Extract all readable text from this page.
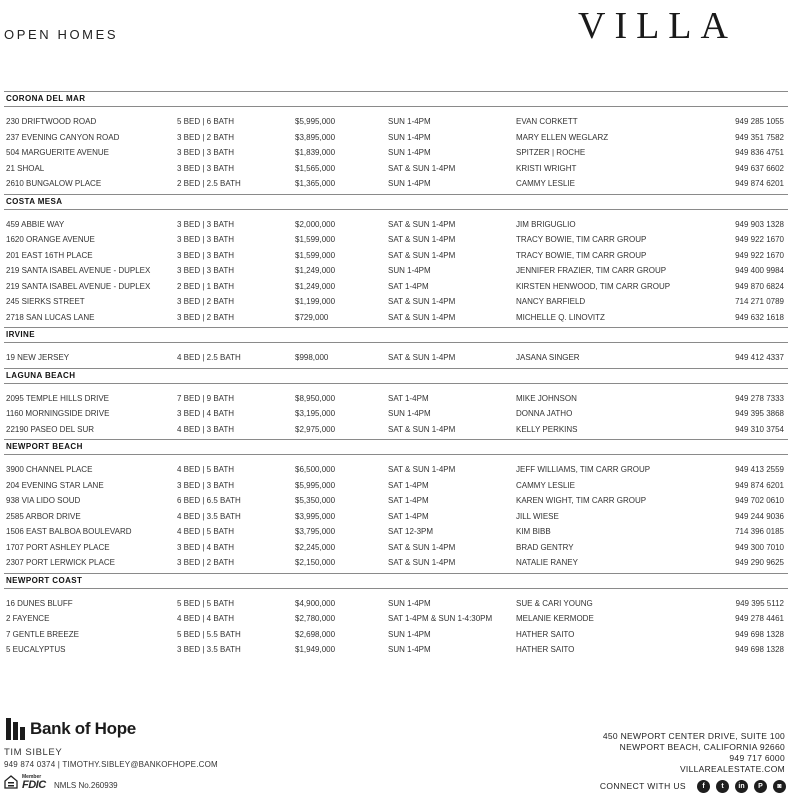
OPEN HOMES	VILLA
CORONA DEL MAR
230 DRIFTWOOD ROAD	5 BED | 6 BATH	$5,995,000	SUN 1-4PM	EVAN CORKETT	949 285 1055
237 EVENING CANYON ROAD	3 BED | 2 BATH	$3,895,000	SUN 1-4PM	MARY ELLEN WEGLARZ	949 351 7582
504 MARGUERITE AVENUE	3 BED | 3 BATH	$1,839,000	SUN 1-4PM	SPITZER | ROCHE	949 836 4751
21 SHOAL	3 BED | 3 BATH	$1,565,000	SAT & SUN 1-4PM	KRISTI WRIGHT	949 637 6602
2610 BUNGALOW PLACE	2 BED | 2.5 BATH	$1,365,000	SUN 1-4PM	CAMMY LESLIE	949 874 6201
COSTA MESA
459 ABBIE WAY	3 BED | 3 BATH	$2,000,000	SAT & SUN 1-4PM	JIM BRIGUGLIO	949 903 1328
1620 ORANGE AVENUE	3 BED | 3 BATH	$1,599,000	SAT & SUN 1-4PM	TRACY BOWIE, TIM CARR GROUP	949 922 1670
201 EAST 16TH PLACE	3 BED | 3 BATH	$1,599,000	SAT & SUN 1-4PM	TRACY BOWIE, TIM CARR GROUP	949 922 1670
219 SANTA ISABEL AVENUE - DUPLEX	3 BED | 3 BATH	$1,249,000	SUN 1-4PM	JENNIFER FRAZIER, TIM CARR GROUP	949 400 9984
219 SANTA ISABEL AVENUE - DUPLEX	2 BED | 1 BATH	$1,249,000	SAT 1-4PM	KIRSTEN HENWOOD, TIM CARR GROUP	949 870 6824
245 SIERKS STREET	3 BED | 2 BATH	$1,199,000	SAT & SUN 1-4PM	NANCY BARFIELD	714 271 0789
2718 SAN LUCAS LANE	3 BED | 2 BATH	$729,000	SAT & SUN 1-4PM	MICHELLE Q. LINOVITZ	949 632 1618
IRVINE
19 NEW JERSEY	4 BED | 2.5 BATH	$998,000	SAT & SUN 1-4PM	JASANA SINGER	949 412 4337
LAGUNA BEACH
2095 TEMPLE HILLS DRIVE	7 BED | 9 BATH	$8,950,000	SAT 1-4PM	MIKE JOHNSON	949 278 7333
1160 MORNINGSIDE DRIVE	3 BED | 4 BATH	$3,195,000	SUN 1-4PM	DONNA JATHO	949 395 3868
22190 PASEO DEL SUR	4 BED | 3 BATH	$2,975,000	SAT & SUN 1-4PM	KELLY PERKINS	949 310 3754
NEWPORT BEACH
3900 CHANNEL PLACE	4 BED | 5 BATH	$6,500,000	SAT & SUN 1-4PM	JEFF WILLIAMS, TIM CARR GROUP	949 413 2559
204 EVENING STAR LANE	3 BED | 3 BATH	$5,995,000	SAT 1-4PM	CAMMY LESLIE	949 874 6201
938 VIA LIDO SOUD	6 BED | 6.5 BATH	$5,350,000	SAT 1-4PM	KAREN WIGHT, TIM CARR GROUP	949 702 0610
2585 ARBOR DRIVE	4 BED | 3.5 BATH	$3,995,000	SAT 1-4PM	JILL WIESE	949 244 9036
1506 EAST BALBOA BOULEVARD	4 BED | 5 BATH	$3,795,000	SAT 12-3PM	KIM BIBB	714 396 0185
1707 PORT ASHLEY PLACE	3 BED | 4 BATH	$2,245,000	SAT & SUN 1-4PM	BRAD GENTRY	949 300 7010
2307 PORT LERWICK PLACE	3 BED | 2 BATH	$2,150,000	SAT & SUN 1-4PM	NATALIE RANEY	949 290 9625
NEWPORT COAST
16 DUNES BLUFF	5 BED | 5 BATH	$4,900,000	SUN 1-4PM	SUE & CARI YOUNG	949 395 5112
2 FAYENCE	4 BED | 4 BATH	$2,780,000	SAT 1-4PM & SUN 1-4:30PM	MELANIE KERMODE	949 278 4461
7 GENTLE BREEZE	5 BED | 5.5 BATH	$2,698,000	SUN 1-4PM	HATHER SAITO	949 698 1328
5 EUCALYPTUS	3 BED | 3.5 BATH	$1,949,000	SUN 1-4PM	HATHER SAITO	949 698 1328
Bank of Hope
TIM SIBLEY
949 874 0374 | TIMOTHY.SIBLEY@BANKOFHOPE.COM
Member
FDIC NMLS No.260939
450 NEWPORT CENTER DRIVE, SUITE 100
NEWPORT BEACH, CALIFORNIA 92660
949 717 6000
VILLAREALESTATE.COM
CONNECT WITH US	f	t	in	P	◙
